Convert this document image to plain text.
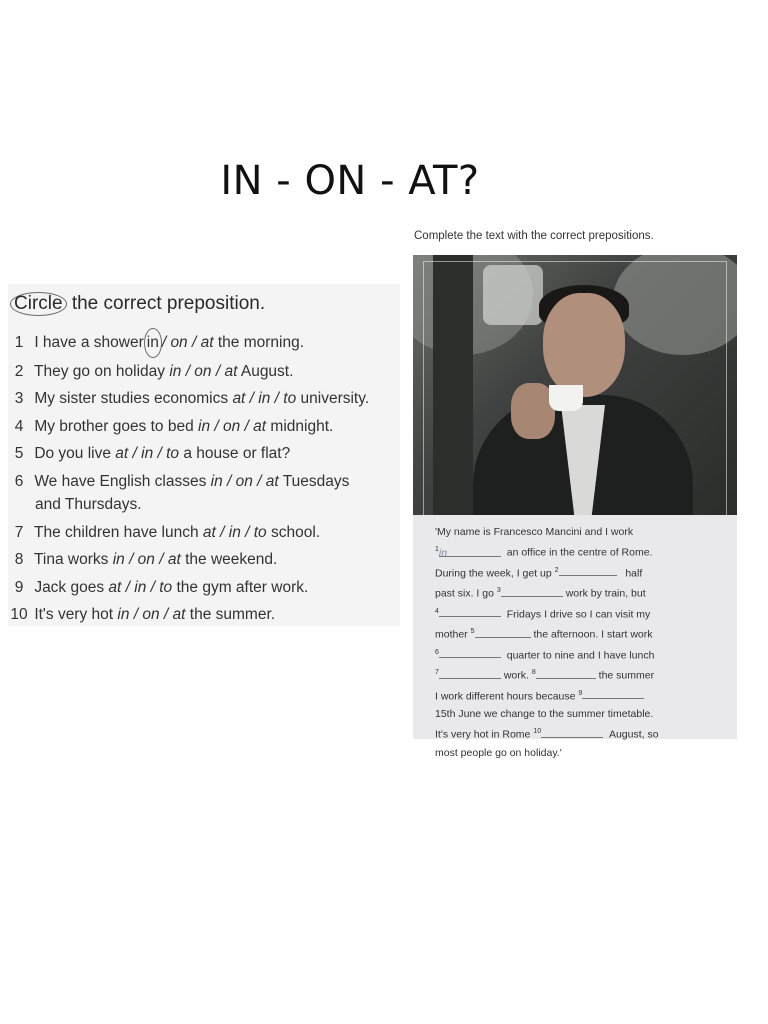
IN - ON - AT?
Circle the correct preposition.
1 I have a shower in / on / at the morning.
2 They go on holiday in / on / at August.
3 My sister studies economics at / in / to university.
4 My brother goes to bed in / on / at midnight.
5 Do you live at / in / to a house or flat?
6 We have English classes in / on / at Tuesdays
and Thursdays.
7 The children have lunch at / in / to school.
8 Tina works in / on / at the weekend.
9 Jack goes at / in / to the gym after work.
10 It's very hot in / on / at the summer.
Complete the text with the correct prepositions.

'My name is Francesco Mancini and I work

$^1$in	an office in the centre of Rome.

During the week, I get up $^2$	half

past six. I go $^3$	work by train, but

$^4$	Fridays I drive so I can visit my

mother $^5$	the afternoon. I start work

$^6$	quarter to nine and I have lunch

$^7$	work. $^8$	the summer

I work different hours because $^9$

15th June we change to the summer timetable.

It's very hot in Rome $^{10}$	August, so

most people go on holiday.'
